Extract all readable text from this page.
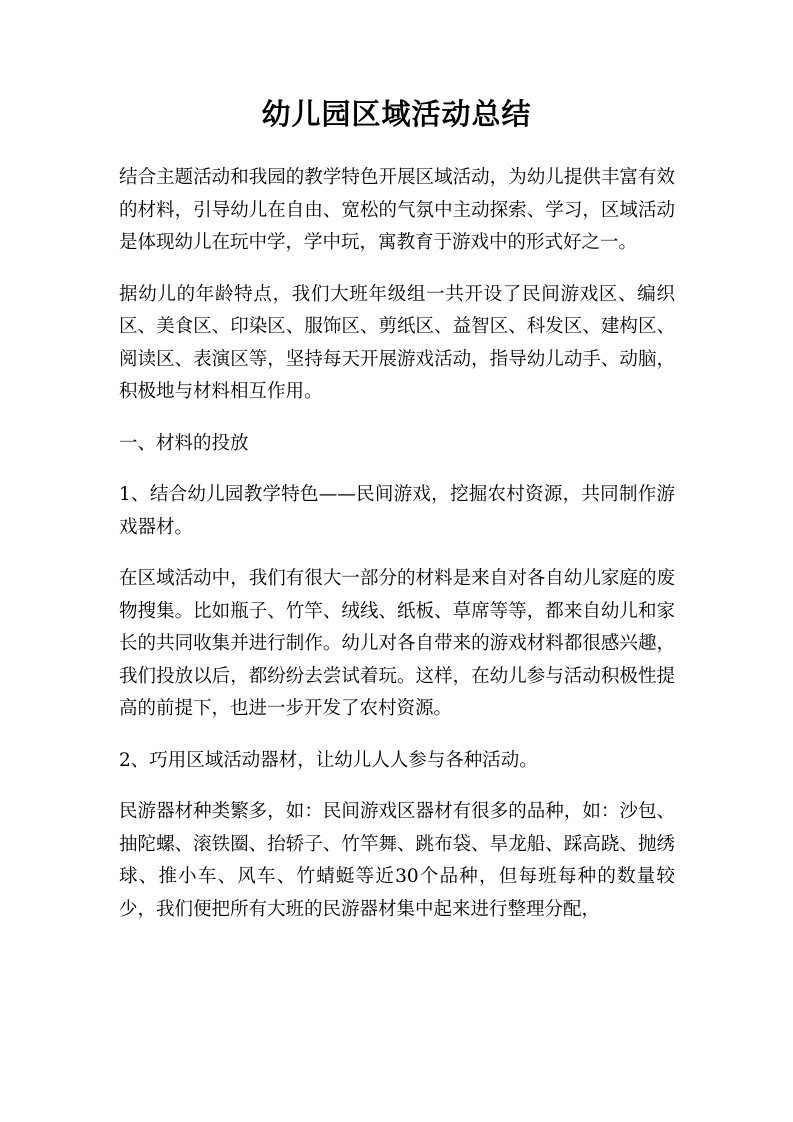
幼儿园区域活动总结

结合主题活动和我园的教学特色开展区域活动，为幼儿提供丰富有效的材料，引导幼儿在自由、宽松的气氛中主动探索、学习，区域活动是体现幼儿在玩中学，学中玩，寓教育于游戏中的形式好之一。

据幼儿的年龄特点，我们大班年级组一共开设了民间游戏区、编织区、美食区、印染区、服饰区、剪纸区、益智区、科发区、建构区、阅读区、表演区等，坚持每天开展游戏活动，指导幼儿动手、动脑，积极地与材料相互作用。

一、材料的投放

1、结合幼儿园教学特色——民间游戏，挖掘农村资源，共同制作游戏器材。

在区域活动中，我们有很大一部分的材料是来自对各自幼儿家庭的废物搜集。比如瓶子、竹竿、绒线、纸板、草席等等，都来自幼儿和家长的共同收集并进行制作。幼儿对各自带来的游戏材料都很感兴趣，我们投放以后，都纷纷去尝试着玩。这样，在幼儿参与活动积极性提高的前提下，也进一步开发了农村资源。

2、巧用区域活动器材，让幼儿人人参与各种活动。

民游器材种类繁多，如：民间游戏区器材有很多的品种，如：沙包、抽陀螺、滚铁圈、抬轿子、竹竿舞、跳布袋、旱龙船、踩高跷、抛绣球、推小车、风车、竹蜻蜓等近30个品种，但每班每种的数量较少，我们便把所有大班的民游器材集中起来进行整理分配，
